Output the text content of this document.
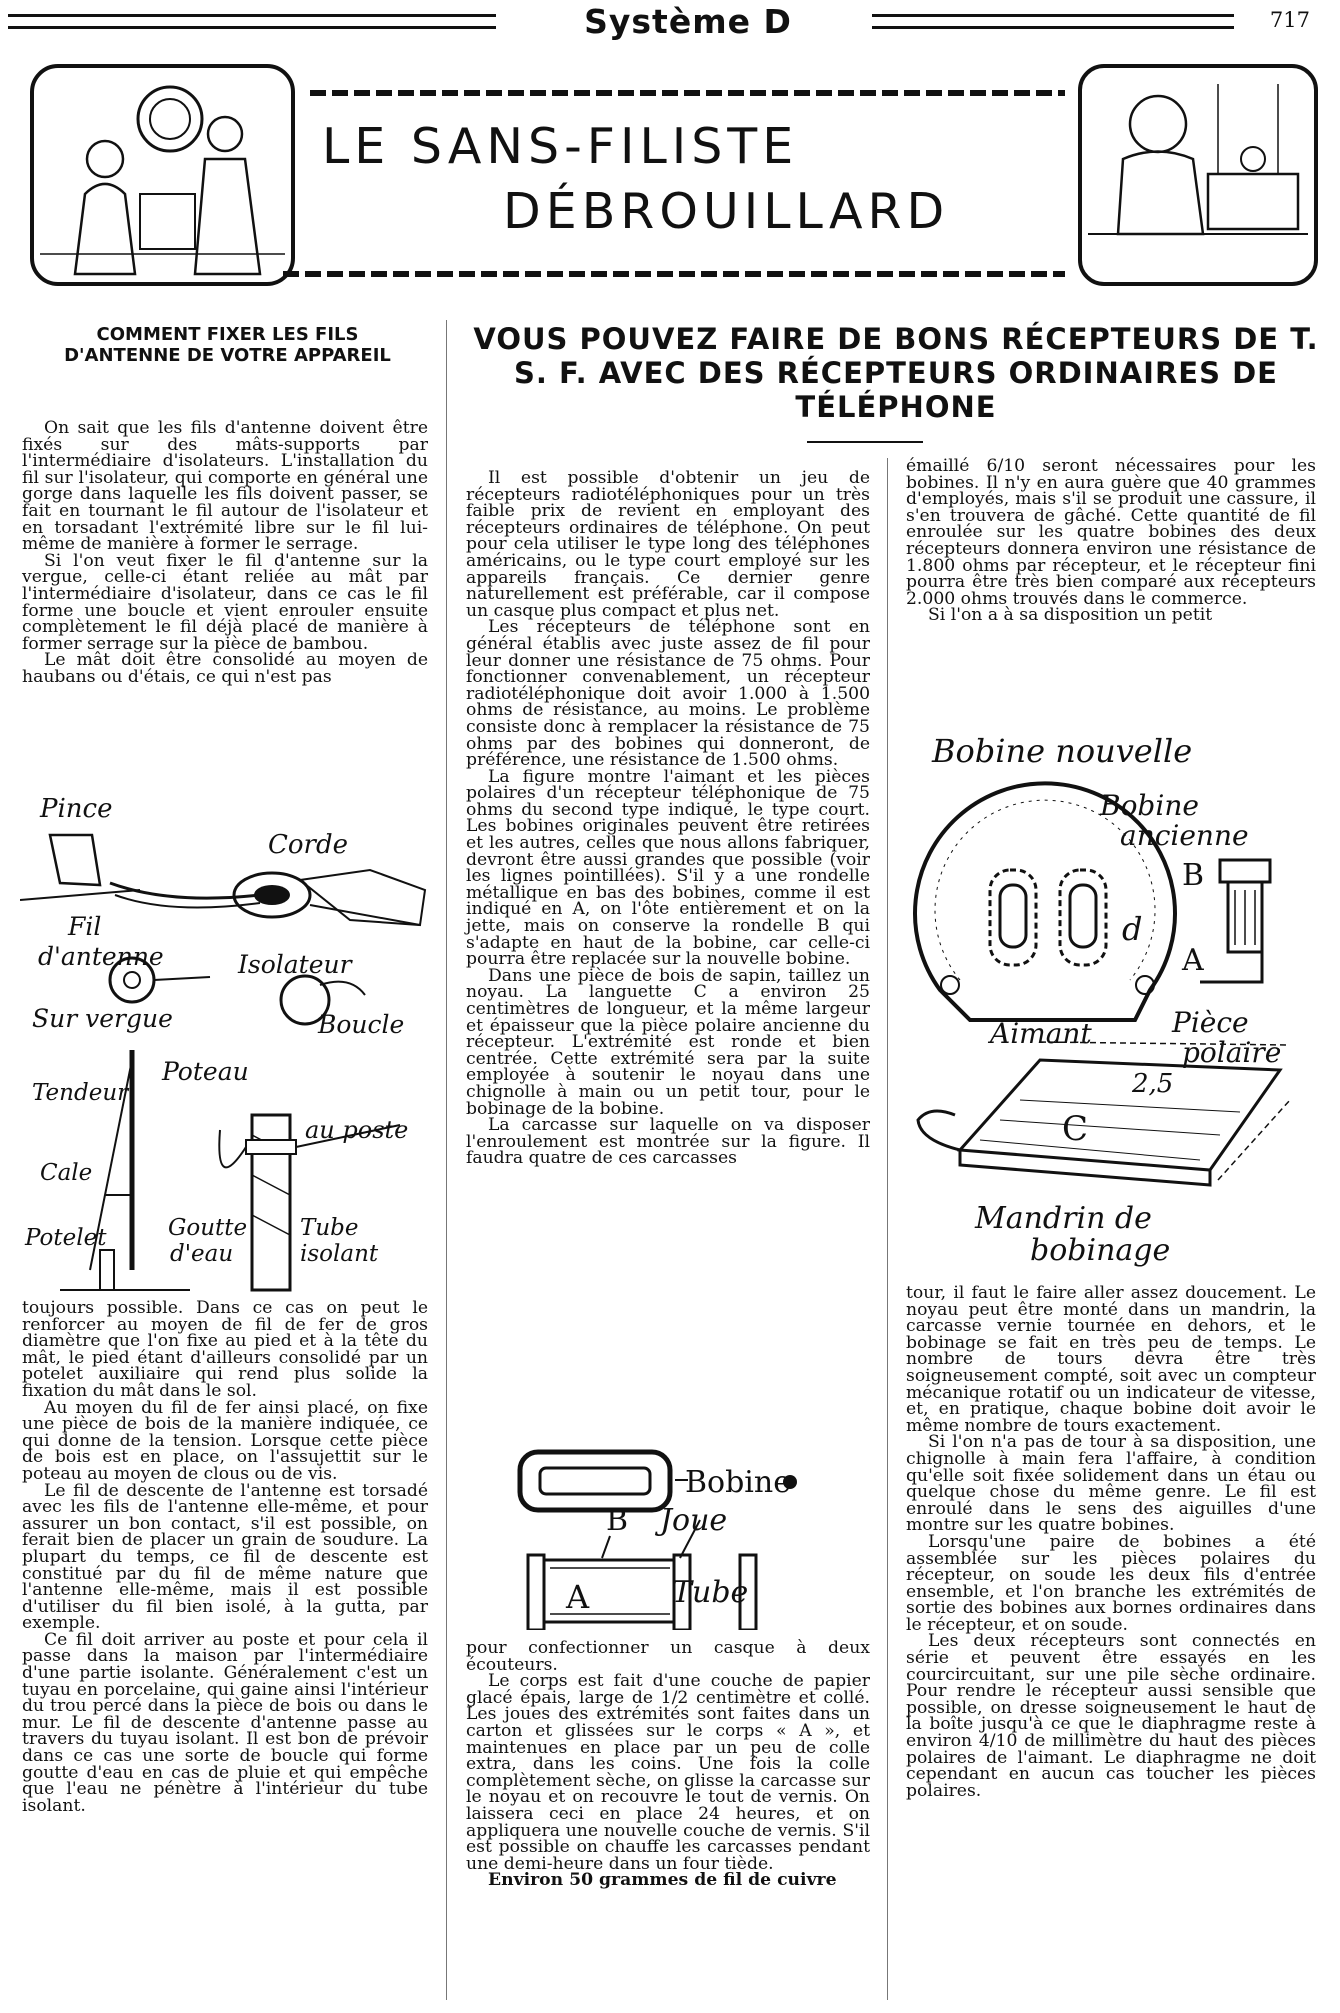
Système D	717
LE SANS-FILISTE
DÉBROUILLARD
COMMENT FIXER LES FILS D'ANTENNE DE VOTRE APPAREIL	VOUS POUVEZ FAIRE DE BONS RÉCEPTEURS DE T. S. F. AVEC DES RÉCEPTEURS ORDINAIRES DE TÉLÉPHONE

On sait que les fils d'antenne doivent être fixés sur des mâts-supports par l'intermédiaire d'isolateurs. L'installation du fil sur l'isolateur, qui comporte en général une gorge dans laquelle les fils doivent passer, se fait en tournant le fil autour de l'isolateur et en torsadant l'extrémité libre sur le fil lui-même de manière à former le serrage.

Si l'on veut fixer le fil d'antenne sur la vergue, celle-ci étant reliée au mât par l'intermédiaire d'isolateur, dans ce cas le fil forme une boucle et vient enrouler ensuite complètement le fil déjà placé de manière à former serrage sur la pièce de bambou.

Le mât doit être consolidé au moyen de haubans ou d'étais, ce qui n'est pas

Pince
Corde
Fil
d'antenne	Isolateur
Sur vergue	Boucle
Poteau
Tendeur
au poste
Cale
Potelet	Goutte
d'eau
Tube
isolant

toujours possible. Dans ce cas on peut le renforcer au moyen de fil de fer de gros diamètre que l'on fixe au pied et à la tête du mât, le pied étant d'ailleurs consolidé par un potelet auxiliaire qui rend plus solide la fixation du mât dans le sol.

Au moyen du fil de fer ainsi placé, on fixe une pièce de bois de la manière indiquée, ce qui donne de la tension. Lorsque cette pièce de bois est en place, on l'assujettit sur le poteau au moyen de clous ou de vis.

Le fil de descente de l'antenne est torsadé avec les fils de l'antenne elle-même, et pour assurer un bon contact, s'il est possible, on ferait bien de placer un grain de soudure. La plupart du temps, ce fil de descente est constitué par du fil de même nature que l'antenne elle-même, mais il est possible d'utiliser du fil bien isolé, à la gutta, par exemple.

Ce fil doit arriver au poste et pour cela il passe dans la maison par l'intermédiaire d'une partie isolante. Généralement c'est un tuyau en porcelaine, qui gaine ainsi l'intérieur du trou percé dans la pièce de bois ou dans le mur. Le fil de descente d'antenne passe au travers du tuyau isolant. Il est bon de prévoir dans ce cas une sorte de boucle qui forme goutte d'eau en cas de pluie et qui empêche que l'eau ne pénètre à l'intérieur du tube isolant.

Il est possible d'obtenir un jeu de récepteurs radiotéléphoniques pour un très faible prix de revient en employant des récepteurs ordinaires de téléphone. On peut pour cela utiliser le type long des téléphones américains, ou le type court employé sur les appareils français. Ce dernier genre naturellement est préférable, car il compose un casque plus compact et plus net.

Les récepteurs de téléphone sont en général établis avec juste assez de fil pour leur donner une résistance de 75 ohms. Pour fonctionner convenablement, un récepteur radiotéléphonique doit avoir 1.000 à 1.500 ohms de résistance, au moins. Le problème consiste donc à remplacer la résistance de 75 ohms par des bobines qui donneront, de préférence, une résistance de 1.500 ohms.

La figure montre l'aimant et les pièces polaires d'un récepteur téléphonique de 75 ohms du second type indiqué, le type court. Les bobines originales peuvent être retirées et les autres, celles que nous allons fabriquer, devront être aussi grandes que possible (voir les lignes pointillées). S'il y a une rondelle métallique en bas des bobines, comme il est indiqué en A, on l'ôte entièrement et on la jette, mais on conserve la rondelle B qui s'adapte en haut de la bobine, car celle-ci pourra être replacée sur la nouvelle bobine.

Dans une pièce de bois de sapin, taillez un noyau. La languette C a environ 25 centimètres de longueur, et la même largeur et épaisseur que la pièce polaire ancienne du récepteur. L'extrémité est ronde et bien centrée. Cette extrémité sera par la suite employée à soutenir le noyau dans une chignolle à main ou un petit tour, pour le bobinage de la bobine.

La carcasse sur laquelle on va disposer l'enroulement est montrée sur la figure. Il faudra quatre de ces carcasses

Bobine
B Joue
A	Tube

pour confectionner un casque à deux écouteurs.

Le corps est fait d'une couche de papier glacé épais, large de 1/2 centimètre et collé. Les joues des extrémités sont faites dans un carton et glissées sur le corps « A », et maintenues en place par un peu de colle extra, dans les coins. Une fois la colle complètement sèche, on glisse la carcasse sur le noyau et on recouvre le tout de vernis. On laissera ceci en place 24 heures, et on appliquera une nouvelle couche de vernis. S'il est possible on chauffe les carcasses pendant une demi-heure dans un four tiède.

Environ 50 grammes de fil de cuivre

émaillé 6/10 seront nécessaires pour les bobines. Il n'y en aura guère que 40 grammes d'employés, mais s'il se produit une cassure, il s'en trouvera de gâché. Cette quantité de fil enroulée sur les quatre bobines des deux récepteurs donnera environ une résistance de 1.800 ohms par récepteur, et le récepteur fini pourra être très bien comparé aux récepteurs 2.000 ohms trouvés dans le commerce.

Si l'on a à sa disposition un petit

Bobine nouvelle
Bobine
ancienne
B
d
A
Aimant	Pièce
polaire
2,5
C
Mandrin de
bobinage

tour, il faut le faire aller assez doucement. Le noyau peut être monté dans un mandrin, la carcasse vernie tournée en dehors, et le bobinage se fait en très peu de temps. Le nombre de tours devra être très soigneusement compté, soit avec un compteur mécanique rotatif ou un indicateur de vitesse, et, en pratique, chaque bobine doit avoir le même nombre de tours exactement.

Si l'on n'a pas de tour à sa disposition, une chignolle à main fera l'affaire, à condition qu'elle soit fixée solidement dans un étau ou quelque chose du même genre. Le fil est enroulé dans le sens des aiguilles d'une montre sur les quatre bobines.

Lorsqu'une paire de bobines a été assemblée sur les pièces polaires du récepteur, on soude les deux fils d'entrée ensemble, et l'on branche les extrémités de sortie des bobines aux bornes ordinaires dans le récepteur, et on soude.

Les deux récepteurs sont connectés en série et peuvent être essayés en les courcircuitant, sur une pile sèche ordinaire. Pour rendre le récepteur aussi sensible que possible, on dresse soigneusement le haut de la boîte jusqu'à ce que le diaphragme reste à environ 4/10 de millimètre du haut des pièces polaires de l'aimant. Le diaphragme ne doit cependant en aucun cas toucher les pièces polaires.
